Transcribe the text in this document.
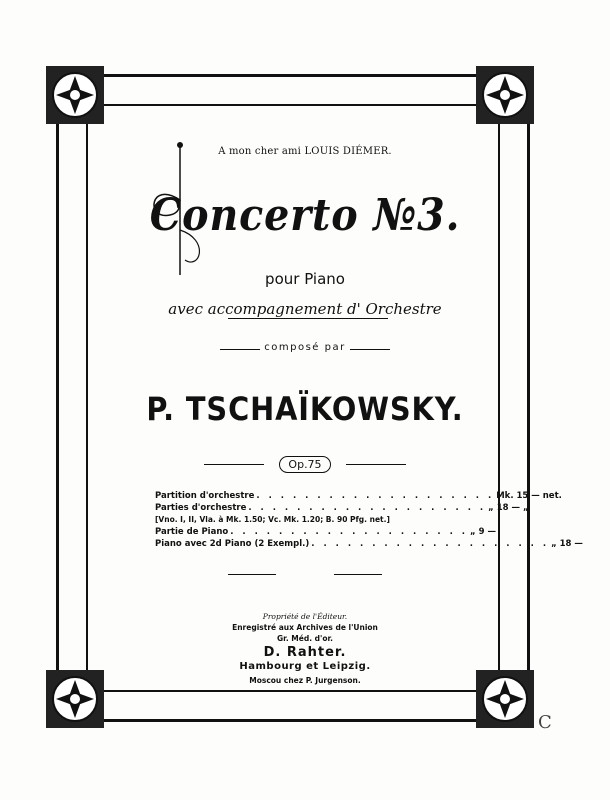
A mon cher ami LOUIS DIÉMER.
Concerto №3.
pour Piano
avec accompagnement d' Orchestre
composé par
P. TSCHAÏKOWSKY.
Op.75
Partition d'orchestre . . . . . . . . . . . . . . . . . . . . Mk. 15 — net.
Parties d'orchestre . . . . . . . . . . . . . . . . . . . . „ 18 — „
[Vno. I, II, Vla. à Mk. 1.50; Vc. Mk. 1.20; B. 90 Pfg. net.]
Partie de Piano . . . . . . . . . . . . . . . . . . . . „ 9 —
Piano avec 2d Piano (2 Exempl.) . . . . . . . . . . . . . . . . . . . . „ 18 —
Propriété de l'Éditeur.
Enregistré aux Archives de l'Union
Gr. Méd. d'or.
D. Rahter.
Hambourg et Leipzig.
Moscou chez P. Jurgenson.
C
